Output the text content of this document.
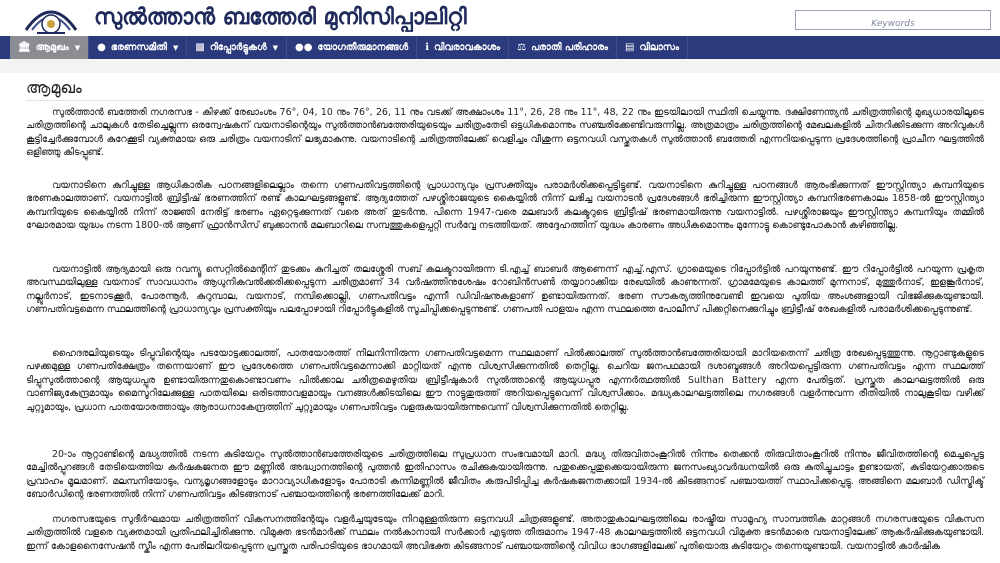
സുൽത്താൻ ബത്തേരി മുനിസിപ്പാലിറ്റി
Keywords
🏛 ആമുഖം ▼ ● ഭരണസമിതി ▼ ▩ റിപ്പോർട്ടുകൾ ▼ ●● യോഗതീരുമാനങ്ങൾ ℹ വിവരാവകാശം ⚖ പരാതി പരിഹാരം ▤ വിലാസം
ആമുഖം

സുൽത്താൻ ബത്തേരി നഗരസഭ - കിഴക്ക് രേഖാംശം 76°, 04, 10 നും 76°, 26, 11 നും വടക്ക് അക്ഷാംശം 11°, 26, 28 നും 11°, 48, 22 നും ഇടയിലായി സ്ഥിതി ചെയ്യുന്നു. ദക്ഷിണേന്ത്യൻ ചരിത്രത്തിന്റെ മുഖ്യധാരയിലൂടെ ചരിത്രത്തിന്റെ ചാലുകൾ തേടിച്ചെല്ലുന്ന ഒരന്വേഷകന് വയനാടിന്റെയും സുൽത്താൻബത്തേരിയുടെയും ചരിത്രംതേടി ഒട്ടധികമൊന്നും സഞ്ചരിക്കേണ്ടിവരുന്നില്ല. അത്രമാത്രം ചരിത്രത്തിന്റെ മേഖലകളിൽ ചിതറിക്കിടക്കുന്ന അറിവുകൾ കൂട്ടിച്ചേർക്കുമ്പോൾ കുറേക്കൂടി വ്യക്തമായ ഒരു ചരിത്രം വയനാടിന് ലഭ്യമാകുന്നു. വയനാടിന്റെ ചരിത്രത്തിലേക്ക് വെളിച്ചം വീശുന്ന ഒട്ടനവധി വസ്തുതകൾ സുൽത്താൻ ബത്തേരി എന്നറിയപ്പെടുന്ന പ്രദേശത്തിന്റെ പ്രാചീന ഘട്ടത്തിൽ ഒളിഞ്ഞു കിടപ്പുണ്ട്.

വയനാടിനെ കുറിച്ചുള്ള ആധികാരിക പഠനങ്ങളിലെല്ലാം തന്നെ ഗണപതിവട്ടത്തിന്റെ പ്രാധാന്യവും പ്രസക്തിയും പരാമർശിക്കപ്പെട്ടിട്ടുണ്ട്. വയനാടിനെ കുറിച്ചുള്ള പഠനങ്ങൾ ആരംഭിക്കുന്നത് ഈസ്റ്റിന്ത്യാ കമ്പനിയുടെ ഭരണകാലത്താണ്. വയനാട്ടിൽ ബ്രിട്ടീഷ് ഭരണത്തിന് രണ്ട് കാലഘട്ടങ്ങളുണ്ട്. ആദ്യത്തേത് പഴശ്ശിരാജയുടെ കൈയ്യിൽ നിന്ന് ലഭിച്ച വയനാടൻ പ്രദേശങ്ങൾ ഭരിച്ചിരുന്ന ഈസ്റ്റിന്ത്യാ കമ്പനിഭരണകാലം 1858-ൽ ഈസ്റ്റിന്ത്യാ കമ്പനിയുടെ കൈയ്യിൽ നിന്ന് രാജ്ഞി നേരിട്ട് ഭരണം ഏറ്റെടുക്കുന്നത് വരെ അത് തുടർന്നു. പിന്നെ 1947-വരെ മലബാർ കലക്ടറുടെ ബ്രിട്ടീഷ് ഭരണമായിരുന്നു വയനാട്ടിൽ. പഴശ്ശിരാജയും ഈസ്റ്റിന്ത്യാ കമ്പനിയും തമ്മിൽ ഘോരമായ യുദ്ധം നടന്ന 1800-ൽ ആണ് ഫ്രാൻസിസ് ബുക്കാനൻ മലബാറിലെ സമ്പത്തുകളെപ്പറ്റി സർവ്വേ നടത്തിയത്. അദ്ദേഹത്തിന് യുദ്ധം കാരണം അധികമൊന്നും മുന്നോട്ടു കൊണ്ടുപോകാൻ കഴിഞ്ഞില്ല.

വയനാട്ടിൽ ആദ്യമായി ഒരു റവന്യൂ സെറ്റിൽമെന്റിന് തുടക്കം കുറിച്ചത് തലശ്ശേരി സബ് കലക്ടറായിരുന്ന ടി.എച്ച് ബാബർ ആണെന്ന് എച്ച്.എസ്. ഗ്രാമെയുടെ റിപ്പോർട്ടിൽ പറയുന്നുണ്ട്. ഈ റിപ്പോർട്ടിൽ പറയുന്ന പ്രകൃത അവസ്ഥയിലുള്ള വയനാട് സാവധാനം ആധുനികവൽക്കരിക്കപ്പെടുന്ന ചരിത്രമാണ് 34 വർഷത്തിനുശേഷം റോബിൻസൺ തയ്യാറാക്കിയ രേഖയിൽ കാണുന്നത്. ഗ്രാമമേയുടെ കാലത്ത് മുന്നനാട്, മുത്തുർനാട്, ഇളങ്കൂർനാട്, നല്ലൂർനാട്, ഇടനാടക്കൂർ, പോരന്നൂർ, കുറുമ്പാല, വയനാട്, നമ്പിക്കൊല്ലി, ഗണപതിവട്ടം എന്നീ ഡിവിഷനുകളാണ് ഉണ്ടായിരുന്നത്. ഭരണ സൗകര്യത്തിനുവേണ്ടി ഇവയെ പുതിയ അംശങ്ങളായി വിഭജിക്കുകയുണ്ടായി. ഗണപതിവട്ടമെന്ന സ്ഥലത്തിന്റെ പ്രാധാന്യവും പ്രസക്തിയും പലപ്പോഴായി റിപ്പോർട്ടുകളിൽ സൂചിപ്പിക്കപ്പെടുന്നുണ്ട്. ഗണപതി പാളയം എന്ന സ്ഥലത്തെ പോലീസ് പിക്കറ്റിനെക്കുറിച്ചും ബ്രിട്ടീഷ് രേഖകളിൽ പരാമർശിക്കപ്പെടുന്നുണ്ട്.

ഹൈദരലിയുടെയും ടിപ്പുവിന്റെയും പടയോട്ടക്കാലത്ത്, പാതയോരത്ത് നിലനിന്നിരുന്ന ഗണപതിവട്ടമെന്ന സ്ഥലമാണ് പിൽക്കാലത്ത് സുൽത്താൻബത്തേരിയായി മാറിയതെന്ന് ചരിത്ര രേഖപ്പെടുത്തുന്നു. നൂറ്റാണ്ടുകളുടെ പഴക്കമുള്ള ഗണപതിക്ഷേത്രം തന്നെയാണ് ഈ പ്രദേശത്തെ ഗണപതിവട്ടമെന്നാക്കി മാറ്റിയത് എന്നു വിശ്വസിക്കുന്നതിൽ തെറ്റില്ല. ചെറിയ ജനപഥമായി ദശാബ്ദങ്ങൾ അറിയപ്പെട്ടിരുന്ന ഗണപതിവട്ടം എന്ന സ്ഥലത്ത് ടിപ്പുസുൽത്താന്റെ ആയുധപ്പുര ഉണ്ടായിരുന്നതുകൊണ്ടാവണം പിൽക്കാല ചരിത്രമെഴുതിയ ബ്രിട്ടീഷുകാർ സുൽത്താന്റെ ആയുധപ്പുര എന്നർത്ഥത്തിൽ Sulthan Battery എന്ന പേരിട്ടത്. പ്രസ്തുത കാലഘട്ടത്തിൽ ഒരു വാണിജ്യകേന്ദ്രമായും മൈസൂറിലേക്കുള്ള പാതയിലെ ഒരിടത്താവളമായും വനങ്ങൾക്കിടയിലെ ഈ നാട്ടുതുരുത്ത് അറിയപ്പെട്ടുവെന്ന് വിശ്വസിക്കാം. മദ്ധ്യകാലഘട്ടത്തിലെ നഗരങ്ങൾ വളർന്നുവന്ന രീതിയിൽ നാലുകൂടിയ വഴിക്ക് ചുറ്റുമായും, പ്രധാന പാതയോരത്തായും ആരാധനാകേന്ദ്രത്തിന് ചുറ്റുമായും ഗണപതിവട്ടം വളരുകയായിരുന്നുവെന്ന് വിശ്വസിക്കുന്നതിൽ തെറ്റില്ല.

20-ാം നൂറ്റാണ്ടിന്റെ മദ്ധ്യത്തിൽ നടന്ന കുടിയേറ്റം സുൽത്താൻബത്തേരിയുടെ ചരിത്രത്തിലെ സുപ്രധാന സംഭവമായി മാറി. മദ്ധ്യ തിരുവിതാംകൂറിൽ നിന്നും തെക്കൻ തിരുവിതാംകൂറിൽ നിന്നും ജീവിതത്തിന്റെ മെച്ചപ്പെട്ട മേച്ചിൽപ്പുറങ്ങൾ തേടിയെത്തിയ കർഷകജനത ഈ മണ്ണിൽ അദ്ധ്വാനത്തിന്റെ പുത്തൻ ഇതിഹാസം രചിക്കുകയായിരുന്നു. പതുക്കെപ്പതുക്കെയായിരുന്ന ജനസംഖ്യാവർദ്ധനയിൽ ഒരു കുതിച്ചുചാട്ടം ഉണ്ടായത്, കുടിയേറ്റക്കാരുടെ പ്രവാഹം മൂലമാണ്. മലമ്പനിയോടും, വന്യമൃഗങ്ങളോടും മാറാവ്യാധികളോടും പോരാടി കന്നിമണ്ണിൽ ജീവിതം കരുപിടിപ്പിച്ച കർഷകജനതക്കായി 1934-ൽ കിടങ്ങനാട് പഞ്ചായത്ത് സ്ഥാപിക്കപ്പെട്ടു. അങ്ങിനെ മലബാർ ഡിസ്ട്രിക്ട് ബോർഡിന്റെ ഭരണത്തിൽ നിന്ന് ഗണപതിവട്ടം കിടങ്ങനാട് പഞ്ചായത്തിന്റെ ഭരണത്തിലേക്ക് മാറി.

നഗരസഭയുടെ സുദീർഘമായ ചരിത്രത്തിന് വികസനത്തിന്റേയും വളർച്ചയുടേയും നിറമുള്ളതിരുന്ന ഒട്ടനവധി ചിത്രങ്ങളുണ്ട്. അതാതുകാലഘട്ടത്തിലെ രാഷ്ട്രീയ സാമൂഹ്യ സാമ്പത്തിക മാറ്റങ്ങൾ നഗരസഭയുടെ വികസന ചരിത്രത്തിൽ വളരെ വ്യക്തമായി പ്രതിഫലിച്ചിരിക്കുന്നു. വിമുക്ത ഭടൻമാർക്ക് സ്ഥലം നൽകാനായി സർക്കാർ എടുത്ത തീരുമാനം 1947-48 കാലഘട്ടത്തിൽ ഒട്ടനവധി വിമുക്ത ഭടൻമാരെ വയനാട്ടിലേക്ക് ആകർഷിക്കുകയുണ്ടായി. ഇന്ന് കോളനൈസേഷൻ സ്കീം എന്ന പേരിലറിയപ്പെടുന്ന പ്രസ്തുത പരിപാടിയുടെ ഭാഗമായി അവിഭക്ത കിടങ്ങനാട് പഞ്ചായത്തിന്റെ വിവിധ ഭാഗങ്ങളിലേക്ക് പുതിയൊരു കുടിയേറ്റം തന്നെയുണ്ടായി. വയനാട്ടിൽ കാർഷിക
